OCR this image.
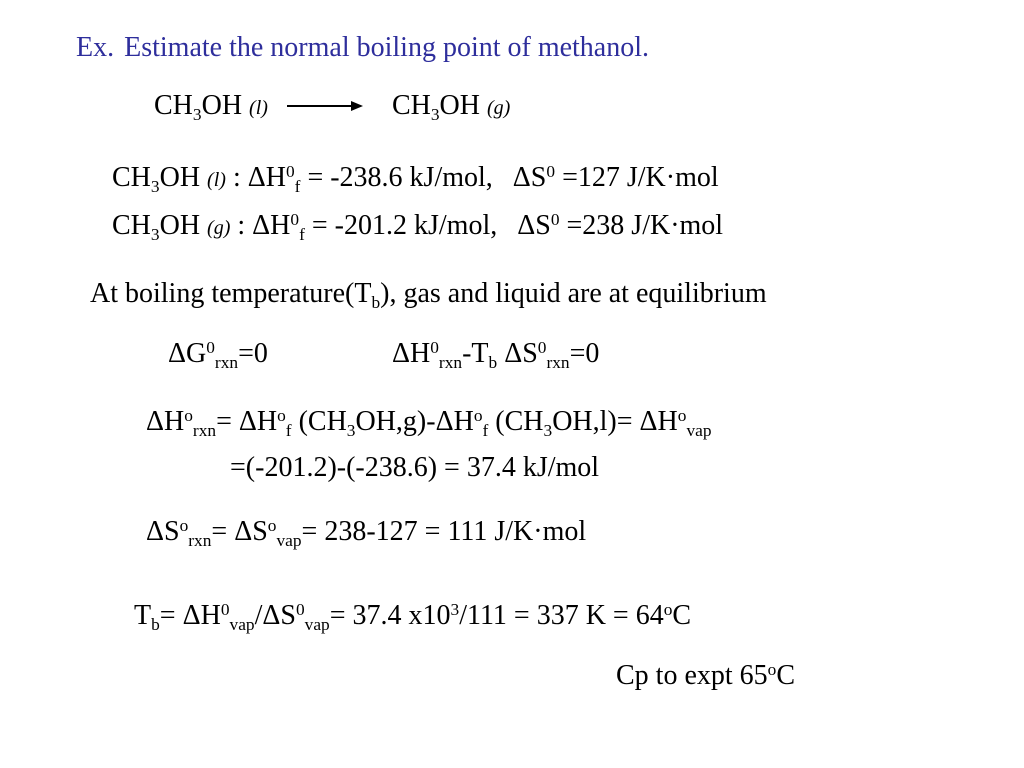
Ex. Estimate the normal boiling point of methanol.
$CH_3OH$ $(l) \to CH_3OH$ (g)
$CH_3OH$ (l) : $\Delta H^0_f = -238.6$ kJ/mol, $\Delta S^0 =127$ J/K·mol
$CH_3OH$ (g) : $\Delta H^0_f = -201.2$ kJ/mol, $\Delta S^0 =238$ J/K·mol
At boiling $temperature(T_b)$, gas and liquid are at equilibrium
$\Delta G^0_{rxn}=0$	$\Delta H^0_{rxn}-T_b$ $\Delta S^0_{rxn}=0$
$\Delta H^o_{rxn}= \Delta H^o_f$ $(CH_3OH,g)-\Delta H^o_f$ $(CH_3OH,l)= \Delta H^o_{vap}$
=(-201.2)-(-238.6) = 37.4 kJ/mol
$\Delta S^o_{rxn}= \Delta S^o_{vap}= 238-127 = 111$ J/K·mol
$T_b= \Delta H^0_{vap}/\Delta S^0_{vap}= 37.4$ $x10^3/111 = 337$ $K = 64^oC$
Cp to expt 65$^o$C
